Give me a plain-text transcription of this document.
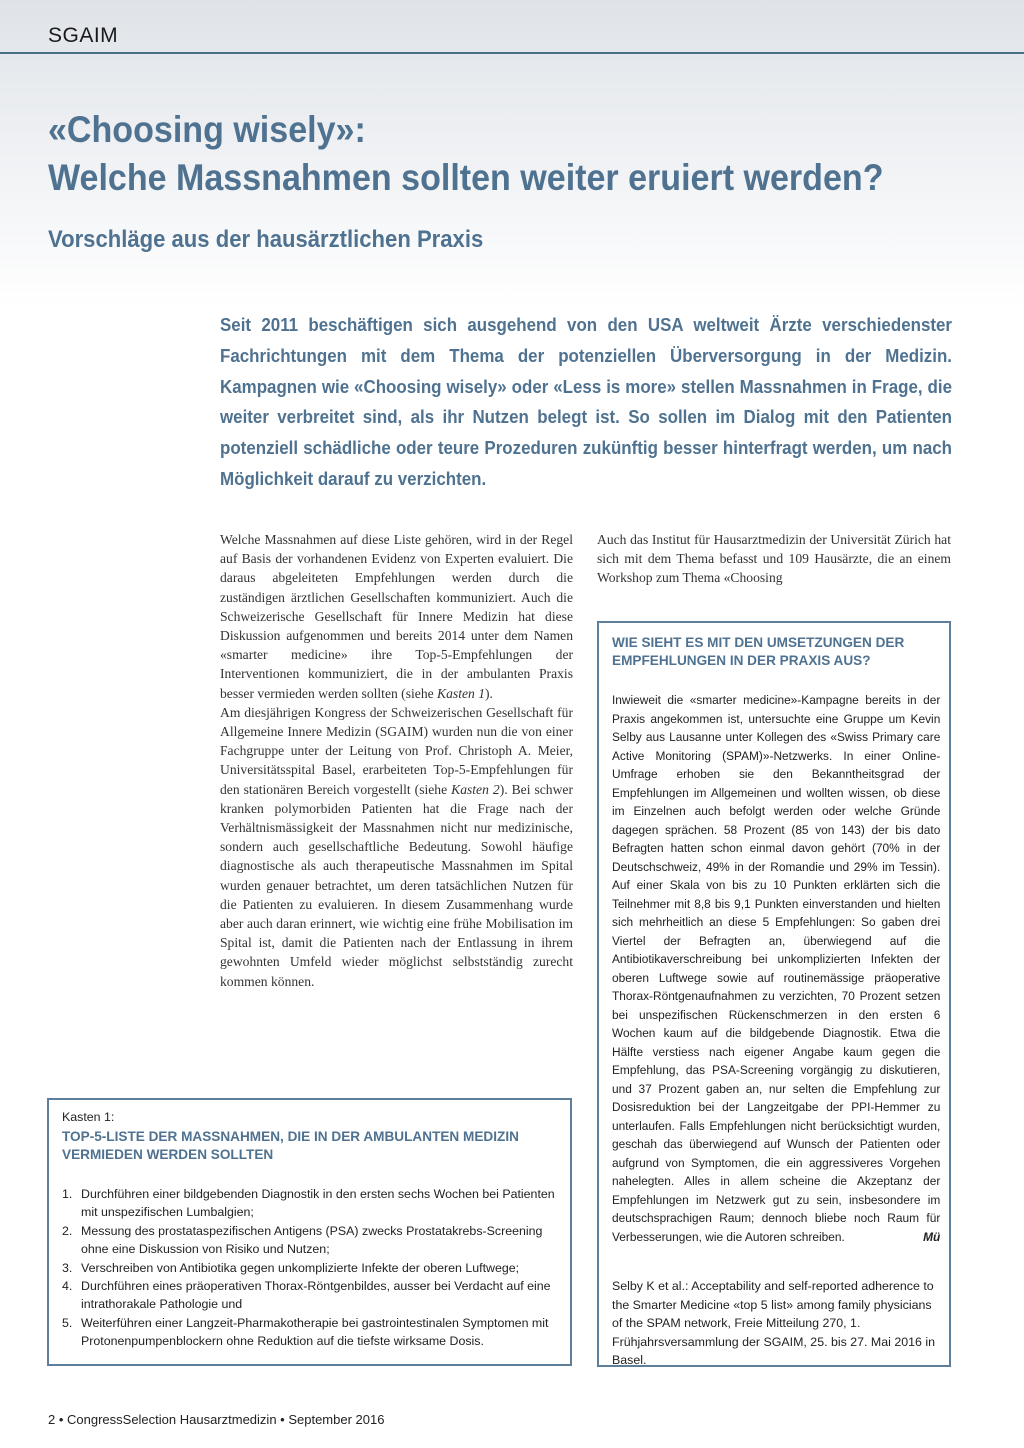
SGAIM
«Choosing wisely»:
Welche Massnahmen sollten weiter eruiert werden?
Vorschläge aus der hausärztlichen Praxis
Seit 2011 beschäftigen sich ausgehend von den USA weltweit Ärzte verschiedenster Fachrichtungen mit dem Thema der potenziellen Überversorgung in der Medizin. Kampagnen wie «Choosing wisely» oder «Less is more» stellen Massnahmen in Frage, die weiter verbreitet sind, als ihr Nutzen belegt ist. So sollen im Dialog mit den Patienten potenziell schädliche oder teure Prozeduren zukünftig besser hinterfragt werden, um nach Möglichkeit darauf zu verzichten.

Welche Massnahmen auf diese Liste gehören, wird in der Regel auf Basis der vorhandenen Evidenz von Experten evaluiert. Die daraus abgeleiteten Empfehlungen werden durch die zuständigen ärztlichen Gesellschaften kommuniziert. Auch die Schweizerische Gesellschaft für Innere Medizin hat diese Diskussion aufgenommen und bereits 2014 unter dem Namen «smarter medicine» ihre Top-5-Empfehlungen der Interventionen kommuniziert, die in der ambulanten Praxis besser vermieden werden sollten (siehe Kasten 1).

Am diesjährigen Kongress der Schweizerischen Gesellschaft für Allgemeine Innere Medizin (SGAIM) wurden nun die von einer Fachgruppe unter der Leitung von Prof. Christoph A. Meier, Universitätsspital Basel, erarbeiteten Top-5-Empfehlungen für den stationären Bereich vorgestellt (siehe Kasten 2). Bei schwer kranken polymorbiden Patienten hat die Frage nach der Verhältnismässigkeit der Massnahmen nicht nur medizinische, sondern auch gesellschaftliche Bedeutung. Sowohl häufige diagnostische als auch therapeutische Massnahmen im Spital wurden genauer betrachtet, um deren tatsächlichen Nutzen für die Patienten zu evaluieren. In diesem Zusammenhang wurde aber auch daran erinnert, wie wichtig eine frühe Mobilisation im Spital ist, damit die Patienten nach der Entlassung in ihrem gewohnten Umfeld wieder möglichst selbstständig zurecht kommen können.

Auch das Institut für Hausarztmedizin der Universität Zürich hat sich mit dem Thema befasst und 109 Hausärzte, die an einem Workshop zum Thema «Choosing

WIE SIEHT ES MIT DEN UMSETZUNGEN DER EMPFEHLUNGEN IN DER PRAXIS AUS?
Inwieweit die «smarter medicine»-Kampagne bereits in der Praxis angekommen ist, untersuchte eine Gruppe um Kevin Selby aus Lausanne unter Kollegen des «Swiss Primary care Active Monitoring (SPAM)»-Netzwerks. In einer Online-Umfrage erhoben sie den Bekanntheitsgrad der Empfehlungen im Allgemeinen und wollten wissen, ob diese im Einzelnen auch befolgt werden oder welche Gründe dagegen sprächen. 58 Prozent (85 von 143) der bis dato Befragten hatten schon einmal davon gehört (70% in der Deutschschweiz, 49% in der Romandie und 29% im Tessin). Auf einer Skala von bis zu 10 Punkten erklärten sich die Teilnehmer mit 8,8 bis 9,1 Punkten einverstanden und hielten sich mehrheitlich an diese 5 Empfehlungen: So gaben drei Viertel der Befragten an, überwiegend auf die Antibiotikaverschreibung bei unkomplizierten Infekten der oberen Luftwege sowie auf routinemässige präoperative Thorax-Röntgenaufnahmen zu verzichten, 70 Prozent setzen bei unspezifischen Rückenschmerzen in den ersten 6 Wochen kaum auf die bildgebende Diagnostik. Etwa die Hälfte verstiess nach eigener Angabe kaum gegen die Empfehlung, das PSA-Screening vorgängig zu diskutieren, und 37 Prozent gaben an, nur selten die Empfehlung zur Dosisreduktion bei der Langzeitgabe der PPI-Hemmer zu unterlaufen. Falls Empfehlungen nicht berücksichtigt wurden, geschah das überwiegend auf Wunsch der Patienten oder aufgrund von Symptomen, die ein aggressiveres Vorgehen nahelegten. Alles in allem scheine die Akzeptanz der Empfehlungen im Netzwerk gut zu sein, insbesondere im deutschsprachigen Raum; dennoch bliebe noch Raum für Verbesserungen, wie die Autoren schreiben.	Mü
Selby K et al.: Acceptability and self-reported adherence to the Smarter Medicine «top 5 list» among family physicians of the SPAM network, Freie Mitteilung 270, 1. Frühjahrsversammlung der SGAIM, 25. bis 27. Mai 2016 in Basel.
Kasten 1:
TOP-5-LISTE DER MASSNAHMEN, DIE IN DER AMBULANTEN MEDIZIN VERMIEDEN WERDEN SOLLTEN
1. Durchführen einer bildgebenden Diagnostik in den ersten sechs Wochen bei Patienten mit unspezifischen Lumbalgien;
2. Messung des prostataspezifischen Antigens (PSA) zwecks Prostatakrebs-Screening ohne eine Diskussion von Risiko und Nutzen;
3. Verschreiben von Antibiotika gegen unkomplizierte Infekte der oberen Luftwege;
4. Durchführen eines präoperativen Thorax-Röntgenbildes, ausser bei Verdacht auf eine intrathorakale Pathologie und
5. Weiterführen einer Langzeit-Pharmakotherapie bei gastrointestinalen Symptomen mit Protonenpumpenblockern ohne Reduktion auf die tiefste wirksame Dosis.
2 • CongressSelection Hausarztmedizin • September 2016
